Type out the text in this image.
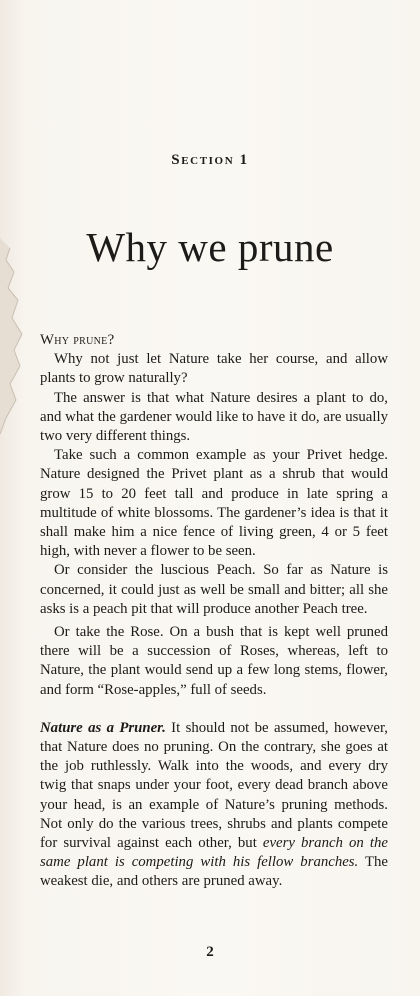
Section 1
Why we prune

Why prune?

Why not just let Nature take her course, and allow plants to grow naturally?

The answer is that what Nature desires a plant to do, and what the gardener would like to have it do, are usually two very different things.

Take such a common example as your Privet hedge. Nature designed the Privet plant as a shrub that would grow 15 to 20 feet tall and produce in late spring a multitude of white blossoms. The gardener’s idea is that it shall make him a nice fence of living green, 4 or 5 feet high, with never a flower to be seen.

Or consider the luscious Peach. So far as Nature is concerned, it could just as well be small and bitter; all she asks is a peach pit that will produce another Peach tree.

Or take the Rose. On a bush that is kept well pruned there will be a succession of Roses, whereas, left to Nature, the plant would send up a few long stems, flower, and form “Rose-apples,” full of seeds.

Nature as a Pruner. It should not be assumed, however, that Nature does no pruning. On the contrary, she goes at the job ruthlessly. Walk into the woods, and every dry twig that snaps under your foot, every dead branch above your head, is an example of Nature’s pruning methods. Not only do the various trees, shrubs and plants compete for survival against each other, but every branch on the same plant is competing with his fellow branches. The weakest die, and others are pruned away.

2
